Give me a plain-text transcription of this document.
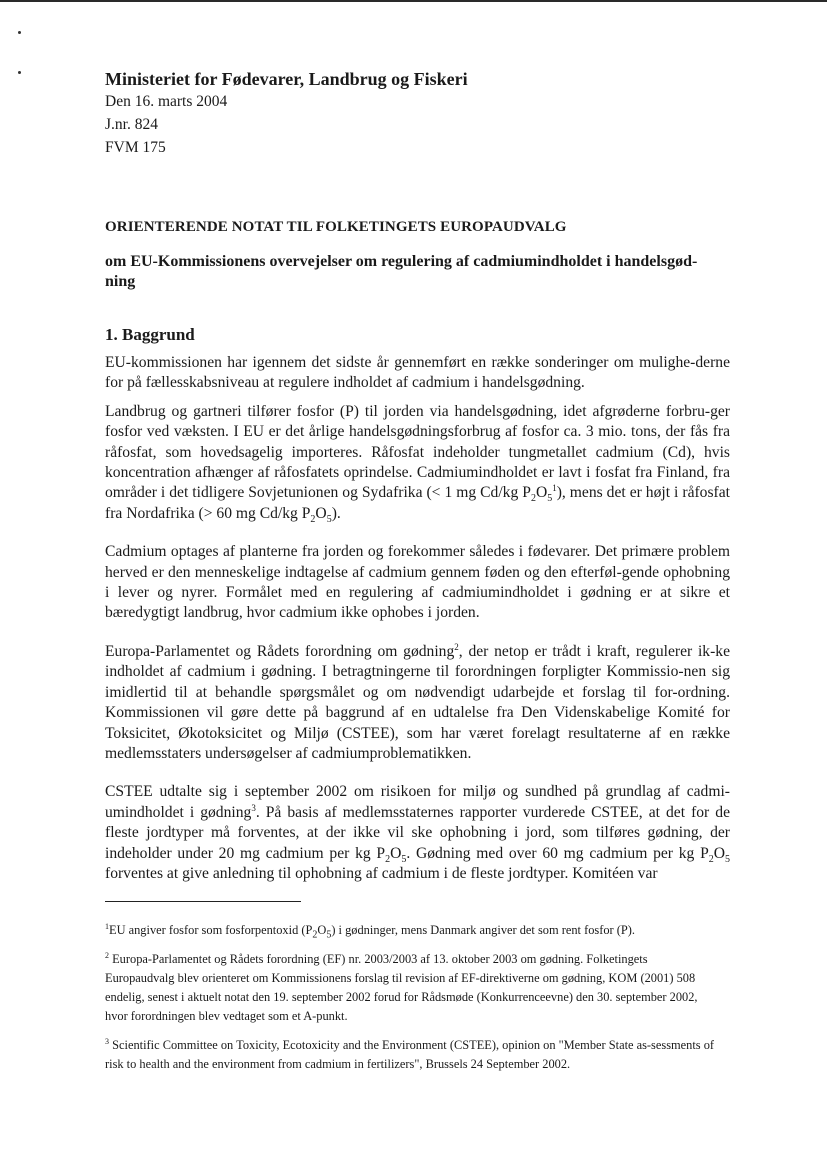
Ministeriet for Fødevarer, Landbrug og Fiskeri
Den 16. marts 2004
J.nr. 824
FVM 175
ORIENTERENDE NOTAT TIL FOLKETINGETS EUROPAUDVALG
om EU-Kommissionens overvejelser om regulering af cadmiumindholdet i handelsgød-ning
1. Baggrund

EU-kommissionen har igennem det sidste år gennemført en række sonderinger om mulighe-derne for på fællesskabsniveau at regulere indholdet af cadmium i handelsgødning.

Landbrug og gartneri tilfører fosfor (P) til jorden via handelsgødning, idet afgrøderne forbru-ger fosfor ved væksten. I EU er det årlige handelsgødningsforbrug af fosfor ca. 3 mio. tons, der fås fra råfosfat, som hovedsagelig importeres. Råfosfat indeholder tungmetallet cadmium (Cd), hvis koncentration afhænger af råfosfatets oprindelse. Cadmiumindholdet er lavt i fosfat fra Finland, fra områder i det tidligere Sovjetunionen og Sydafrika (< 1 mg Cd/kg $P_2O_5^1$), mens det er højt i råfosfat fra Nordafrika (> 60 mg Cd/kg $P_2O_5$).

Cadmium optages af planterne fra jorden og forekommer således i fødevarer. Det primære problem herved er den menneskelige indtagelse af cadmium gennem føden og den efterføl-gende ophobning i lever og nyrer. Formålet med en regulering af cadmiumindholdet i gødning er at sikre et bæredygtigt landbrug, hvor cadmium ikke ophobes i jorden.

Europa-Parlamentet og Rådets forordning om gødning$^2$, der netop er trådt i kraft, regulerer ik-ke indholdet af cadmium i gødning. I betragtningerne til forordningen forpligter Kommissio-nen sig imidlertid til at behandle spørgsmålet og om nødvendigt udarbejde et forslag til for-ordning. Kommissionen vil gøre dette på baggrund af en udtalelse fra Den Videnskabelige Komité for Toksicitet, Økotoksicitet og Miljø (CSTEE), som har været forelagt resultaterne af en række medlemsstaters undersøgelser af cadmiumproblematikken.

CSTEE udtalte sig i september 2002 om risikoen for miljø og sundhed på grundlag af cadmi-umindholdet i gødning$^3$. På basis af medlemsstaternes rapporter vurderede CSTEE, at det for de fleste jordtyper må forventes, at der ikke vil ske ophobning i jord, som tilføres gødning, der indeholder under 20 mg cadmium per kg $P_2O_5$. Gødning med over 60 mg cadmium per kg $P_2O_5$ forventes at give anledning til ophobning af cadmium i de fleste jordtyper. Komitéen var

$^1$EU angiver fosfor som fosforpentoxid $(P_2O_5)$ i gødninger, mens Danmark angiver det som rent fosfor (P).

$^2$ Europa-Parlamentet og Rådets forordning (EF) nr. 2003/2003 af 13. oktober 2003 om gødning. Folketingets Europaudvalg blev orienteret om Kommissionens forslag til revision af EF-direktiverne om gødning, KOM (2001) 508 endelig, senest i aktuelt notat den 19. september 2002 forud for Rådsmøde (Konkurrenceevne) den 30. september 2002, hvor forordningen blev vedtaget som et A-punkt.

$^3$ Scientific Committee on Toxicity, Ecotoxicity and the Environment (CSTEE), opinion on "Member State as-sessments of risk to health and the environment from cadmium in fertilizers", Brussels 24 September 2002.
